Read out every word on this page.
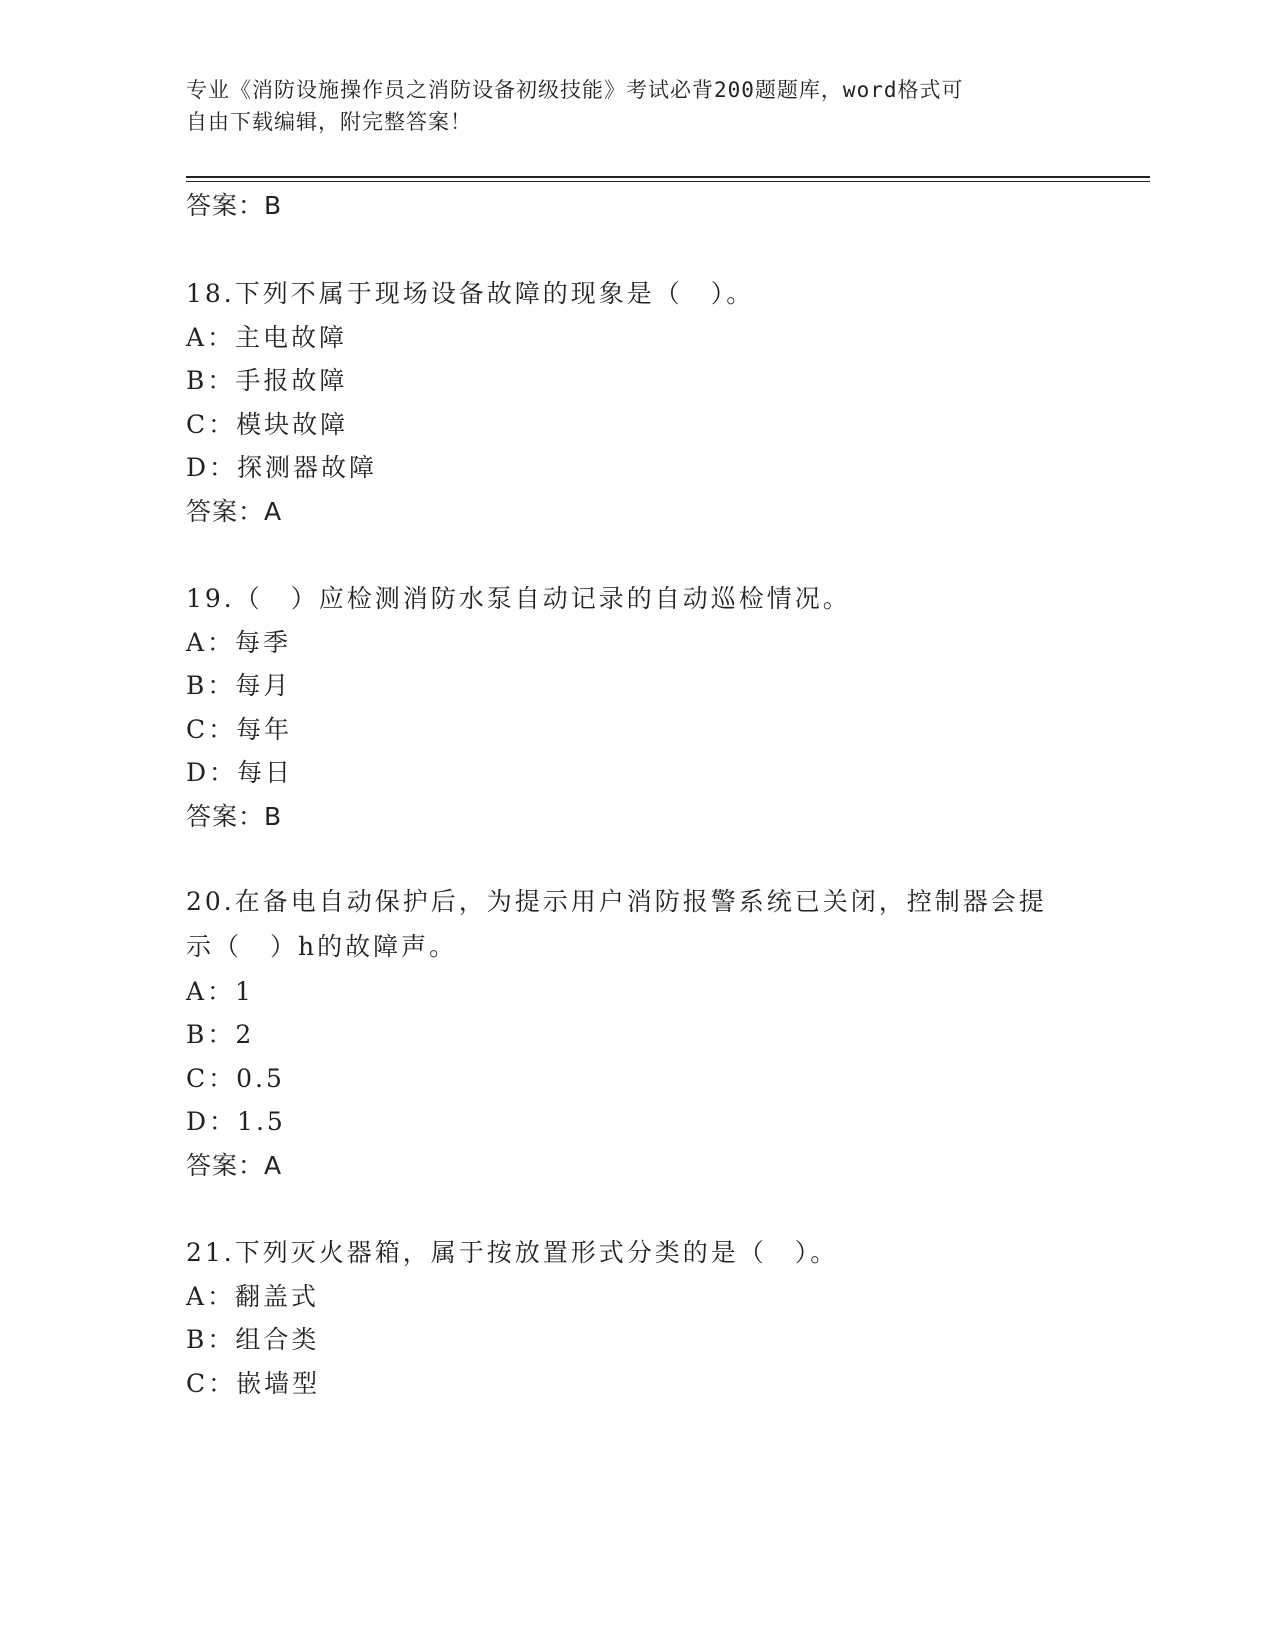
专业《消防设施操作员之消防设备初级技能》考试必背200题题库，word格式可
自由下载编辑，附完整答案！
答案：B
18.下列不属于现场设备故障的现象是（　）。
A：主电故障
B：手报故障
C：模块故障
D：探测器故障
答案：A
19.（　）应检测消防水泵自动记录的自动巡检情况。
A：每季
B：每月
C：每年
D：每日
答案：B
20.在备电自动保护后，为提示用户消防报警系统已关闭，控制器会提示（　）h的故障声。
A：1
B：2
C：0.5
D：1.5
答案：A
21.下列灭火器箱，属于按放置形式分类的是（　）。
A：翻盖式
B：组合类
C：嵌墙型
